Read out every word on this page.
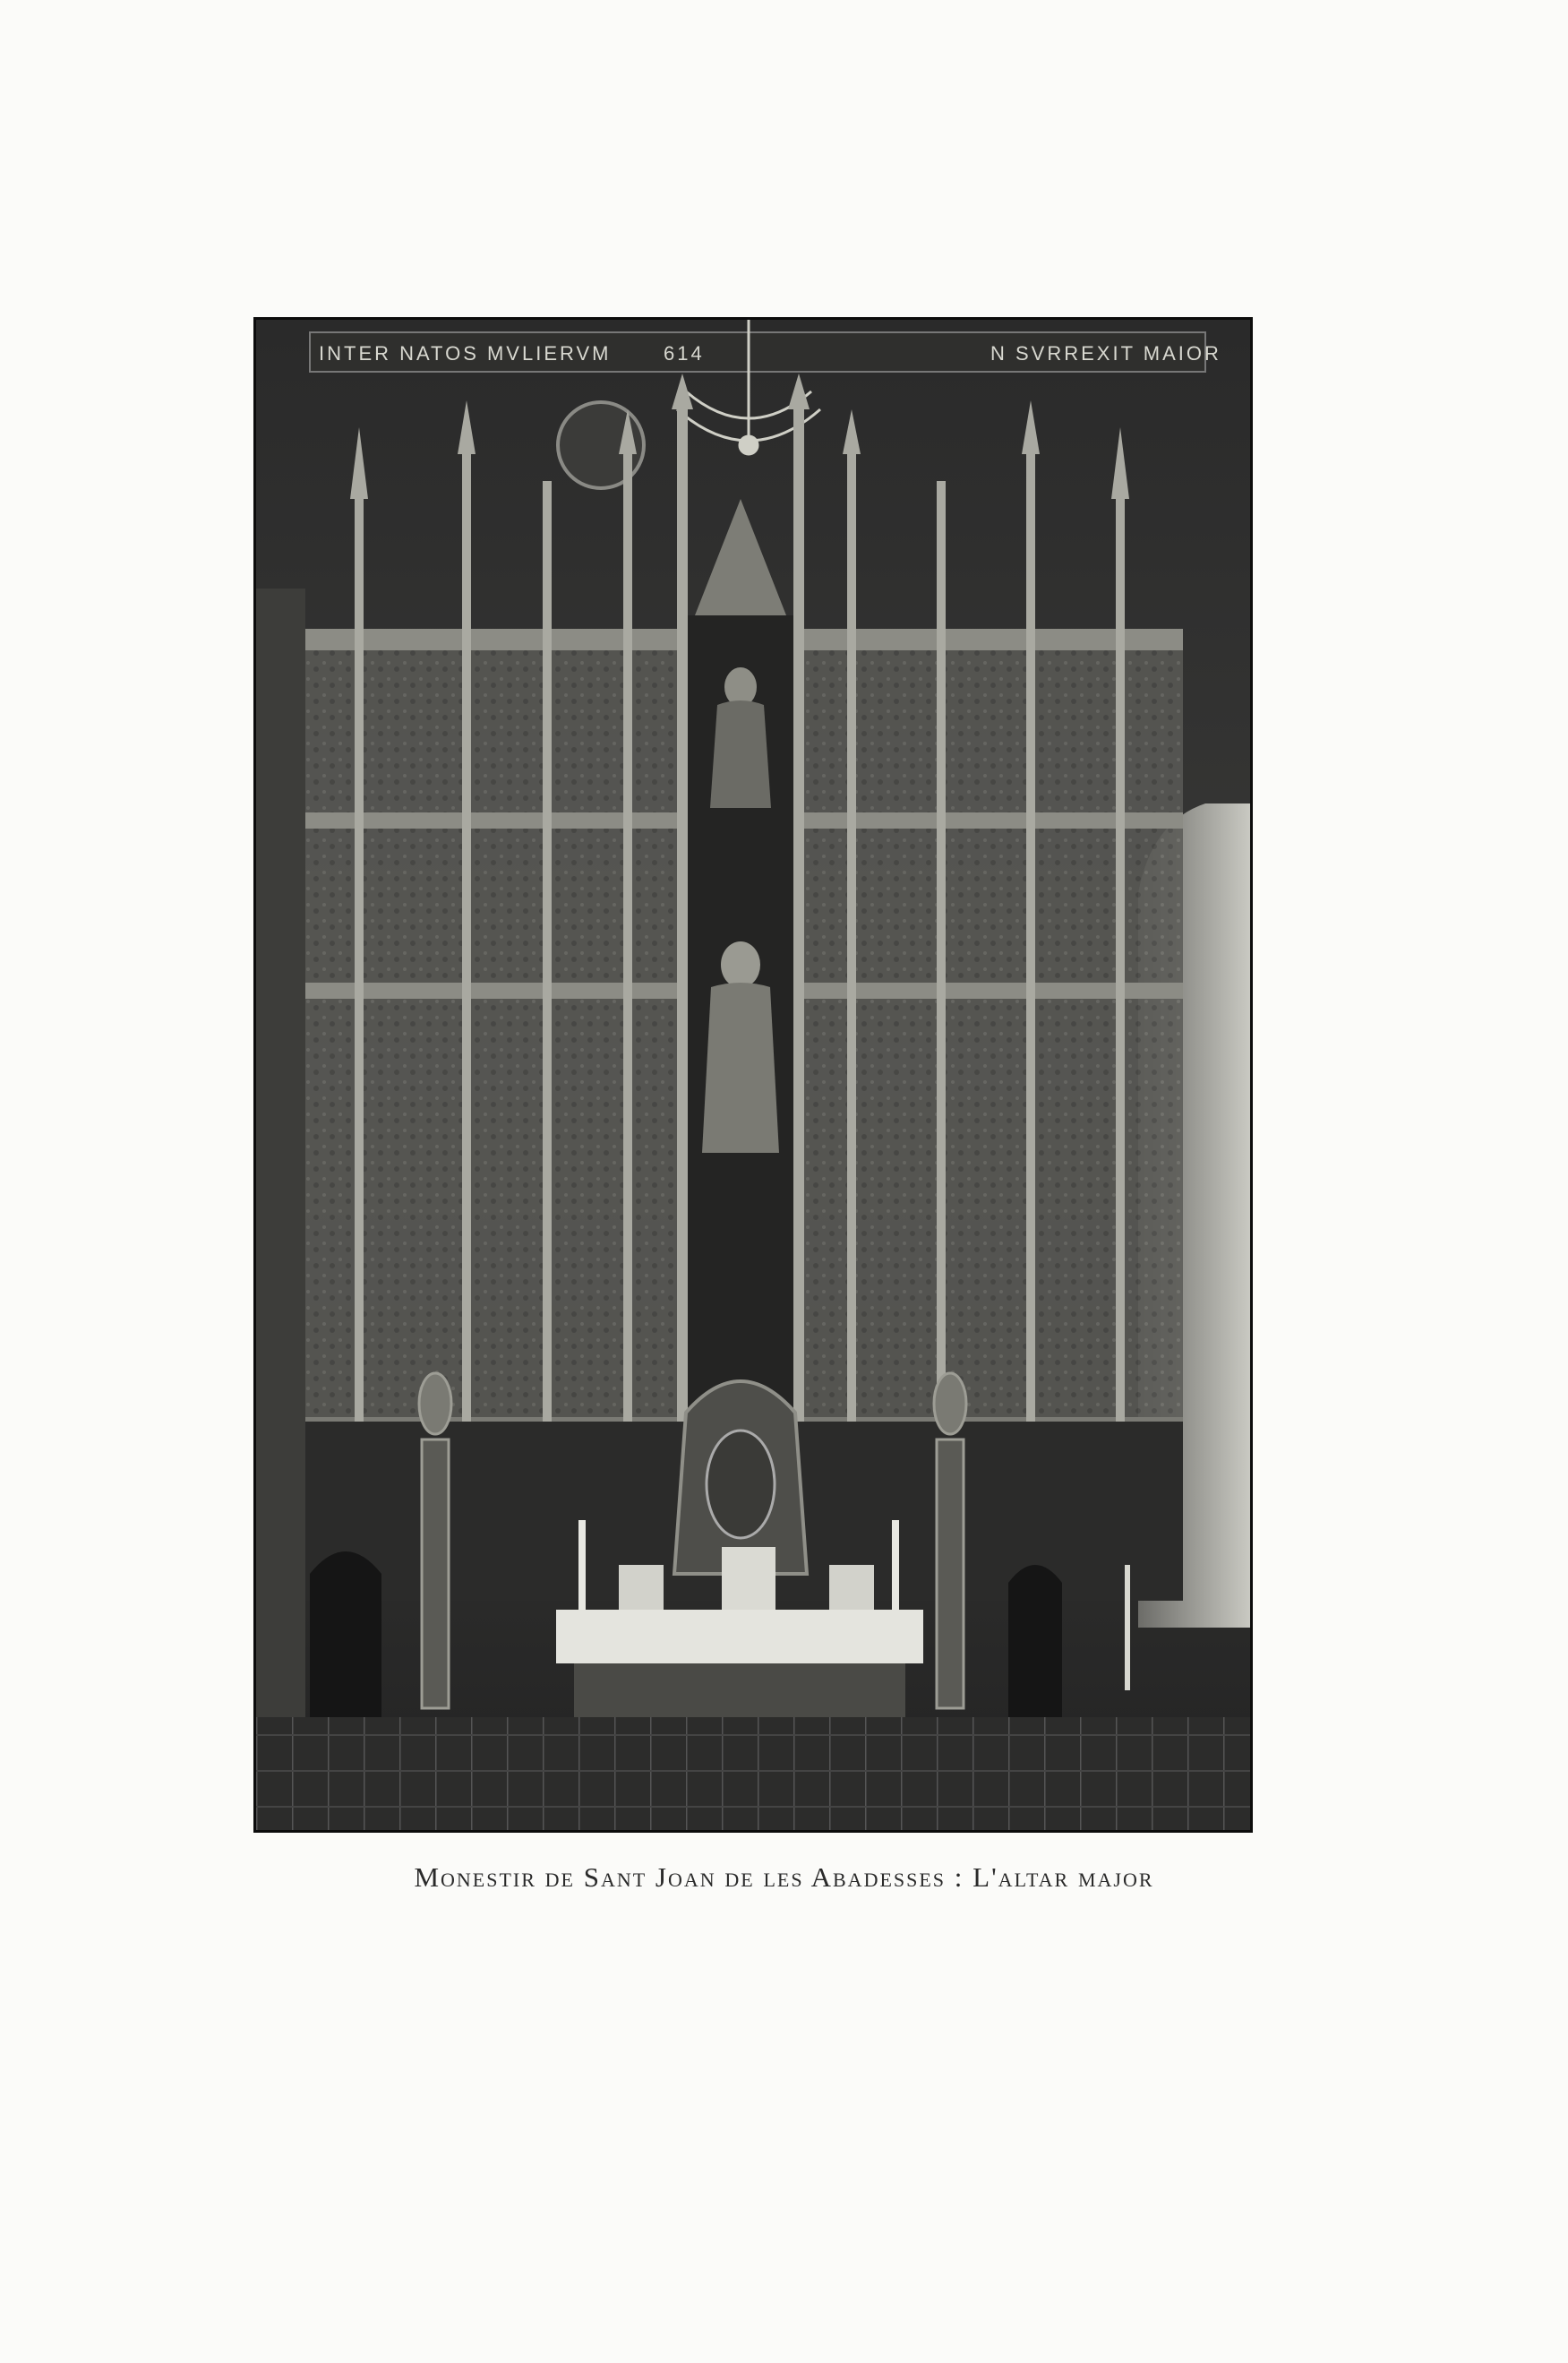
INTER NATOS MVLIERVM	614	N SVRREXIT MAIOR
Monestir de Sant Joan de les Abadesses : L'altar major
